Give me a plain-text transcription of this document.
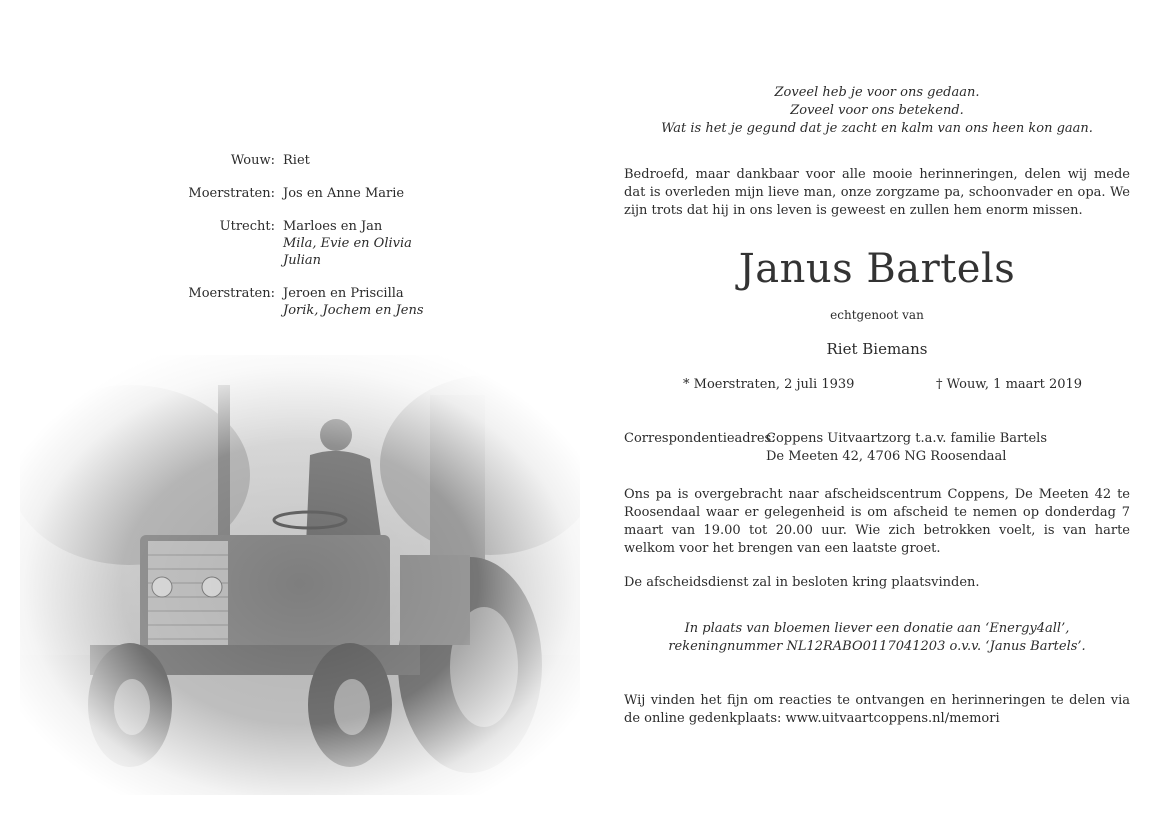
Wouw: Riet
Moerstraten: Jos en Anne Marie
Utrecht: Marloes en Jan
Mila, Evie en Olivia
Julian
Moerstraten: Jeroen en Priscilla
Jorik, Jochem en Jens
Zoveel heb je voor ons gedaan.
Zoveel voor ons betekend.
Wat is het je gegund dat je zacht en kalm van ons heen kon gaan.

Bedroefd, maar dankbaar voor alle mooie herinneringen, delen wij mede dat is overleden mijn lieve man, onze zorgzame pa, schoonvader en opa. We zijn trots dat hij in ons leven is geweest en zullen hem enorm missen.

Janus Bartels
echtgenoot van
Riet Biemans
* Moerstraten, 2 juli 1939	† Wouw, 1 maart 2019
Correspondentieadres:
Coppens Uitvaartzorg t.a.v. familie Bartels
De Meeten 42, 4706 NG Roosendaal

Ons pa is overgebracht naar afscheidscentrum Coppens, De Meeten 42 te Roosendaal waar er gelegenheid is om afscheid te nemen op donderdag 7 maart van 19.00 tot 20.00 uur. Wie zich betrokken voelt, is van harte welkom voor het brengen van een laatste groet.

De afscheidsdienst zal in besloten kring plaatsvinden.

In plaats van bloemen liever een donatie aan ‘Energy4all’,
rekeningnummer NL12RABO0117041203 o.v.v. ‘Janus Bartels’.

Wij vinden het fijn om reacties te ontvangen en herinneringen te delen via de online gedenkplaats: www.uitvaartcoppens.nl/memori
